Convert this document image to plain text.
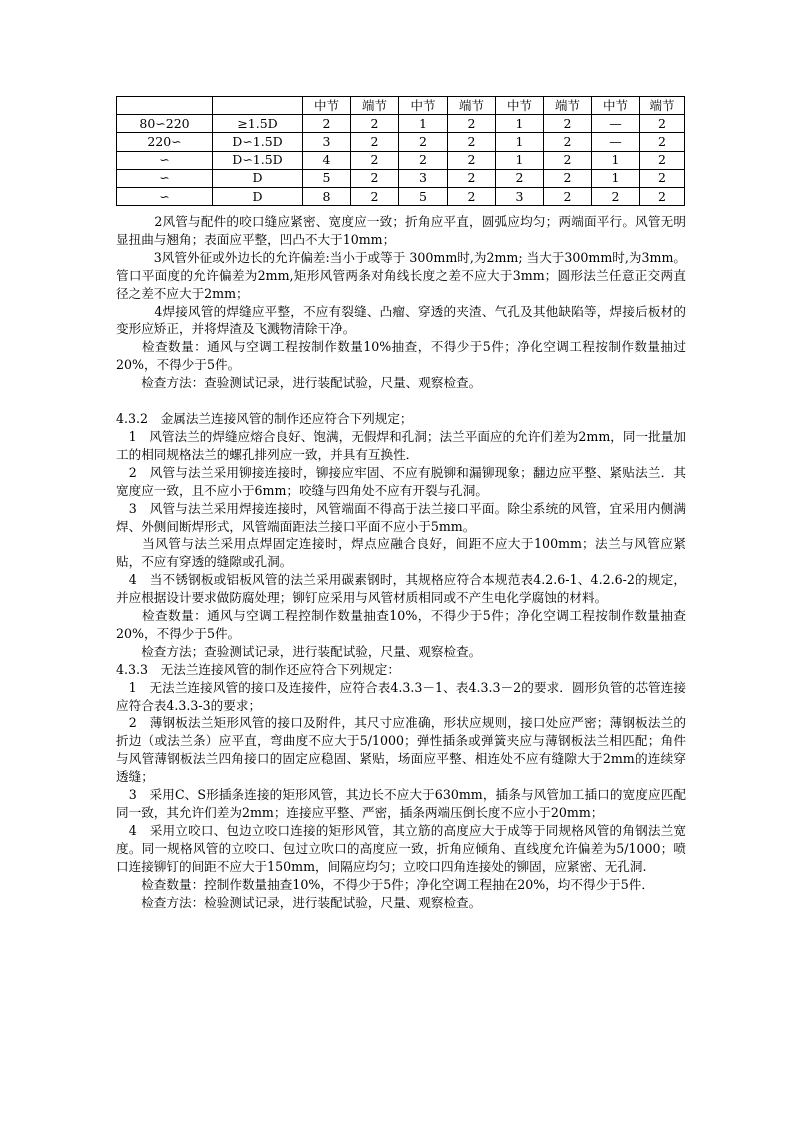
		中节	端节	中节	端节	中节	端节	中节	端节
80∽220	≥1.5D	2	2	1	2	1	2	—	2
220∽	D∽1.5D	3	2	2	2	1	2	—	2
∽	D∽1.5D	4	2	2	2	1	2	1	2
∽	D	5	2	3	2	2	2	1	2
∽	D	8	2	5	2	3	2	2	2

　　　2风管与配件的咬口缝应紧密、宽度应一致；折角应平直，圆弧应均匀；两端面平行。风管无明显扭曲与翘角；表面应平整，凹凸不大于10mm；

　　　3风管外征或外边长的允许偏差:当小于或等于 300mm时,为2mm; 当大于300mm时,为3mm。管口平面度的允许偏差为2mm,矩形风管两条对角线长度之差不应大于3mm；圆形法兰任意正交两直径之差不应大于2mm；

　　　4焊接风管的焊缝应平整，不应有裂缝、凸瘤、穿透的夹渣、气孔及其他缺陷等，焊接后板材的变形应矫正，并将焊渣及飞溅物清除干净。

　　检查数量：通风与空调工程按制作数量10%抽查，不得少于5件；净化空调工程按制作数量抽过20%，不得少于5件。

　　检查方法：查验测试记录，进行装配试验，尺量、观察检查。

4.3.2　金属法兰连接风管的制作还应符合下列规定；

　1　风管法兰的焊缝应熔合良好、饱满，无假焊和孔洞；法兰平面应的允许们差为2mm，同一批量加工的相同规格法兰的螺孔排列应一致，并具有互换性．

　2　风管与法兰采用铆接连接时，铆接应牢固、不应有脱铆和漏铆现象；翻边应平整、紧贴法兰．其宽度应一致，且不应小于6mm；咬缝与四角处不应有开裂与孔洞。

　3　风管与法兰采用焊接连接时，风管端面不得高于法兰接口平面。除尘系统的风管，宜采用内侧满焊、外侧间断焊形式，风管端面距法兰接口平面不应小于5mm。

　　当风管与法兰采用点焊固定连接时，焊点应融合良好，间距不应大于100mm；法兰与风管应紧贴，不应有穿透的缝隙或孔洞。

　4　当不锈钢板或铝板风管的法兰采用碳素钢时，其规格应符合本规范表4.2.6-1、4.2.6-2的规定，并应根据设计要求做防腐处理；铆钉应采用与风管材质相同或不产生电化学腐蚀的材料。

　　检查数量：通风与空调工程控制作数量抽查10%，不得少于5件；净化空调工程按制作数量抽查20%，不得少于5件。

　　检查方法；查验测试记录，进行装配试验，尺量、观察检查。

4.3.3　无法兰连接风管的制作还应符合下列规定：

　1　无法兰连接风管的接口及连接件，应符合表4.3.3－1、表4.3.3－2的要求．圆形负管的芯管连接应符合表4.3.3-3的要求；

　2　薄钢板法兰矩形风管的接口及附件，其尺寸应准确，形状应规则，接口处应严密；薄钢板法兰的折边（或法兰条）应平直，弯曲度不应大于5/1000；弹性插条或弹簧夹应与薄钢板法兰相匹配；角件与风管薄钢板法兰四角接口的固定应稳固、紧贴，场面应平整、相连处不应有缝隙大于2mm的连续穿透缝；

　3　采用C、S形插条连接的矩形风管，其边长不应大于630mm，插条与风管加工插口的宽度应匹配同一致，其允许们差为2mm；连接应平整、严密，插条两端压倒长度不应小于20mm；

　4　采用立咬口、包边立咬口连接的矩形风管，其立筋的高度应大于成等于同规格风管的角钢法兰宽度。同一规格风管的立咬口、包过立吹口的高度应一致，折角应倾角、直线度允许偏差为5/1000；喷口连接铆钉的间距不应大于150mm，间隔应均匀；立咬口四角连接处的铆固，应紧密、无孔洞.

　　检查数量：控制作数量抽查10%，不得少于5件；净化空调工程抽在20%，均不得少于5件．

　　检查方法：检验测试记录，进行装配试验，尺量、观察检查。
